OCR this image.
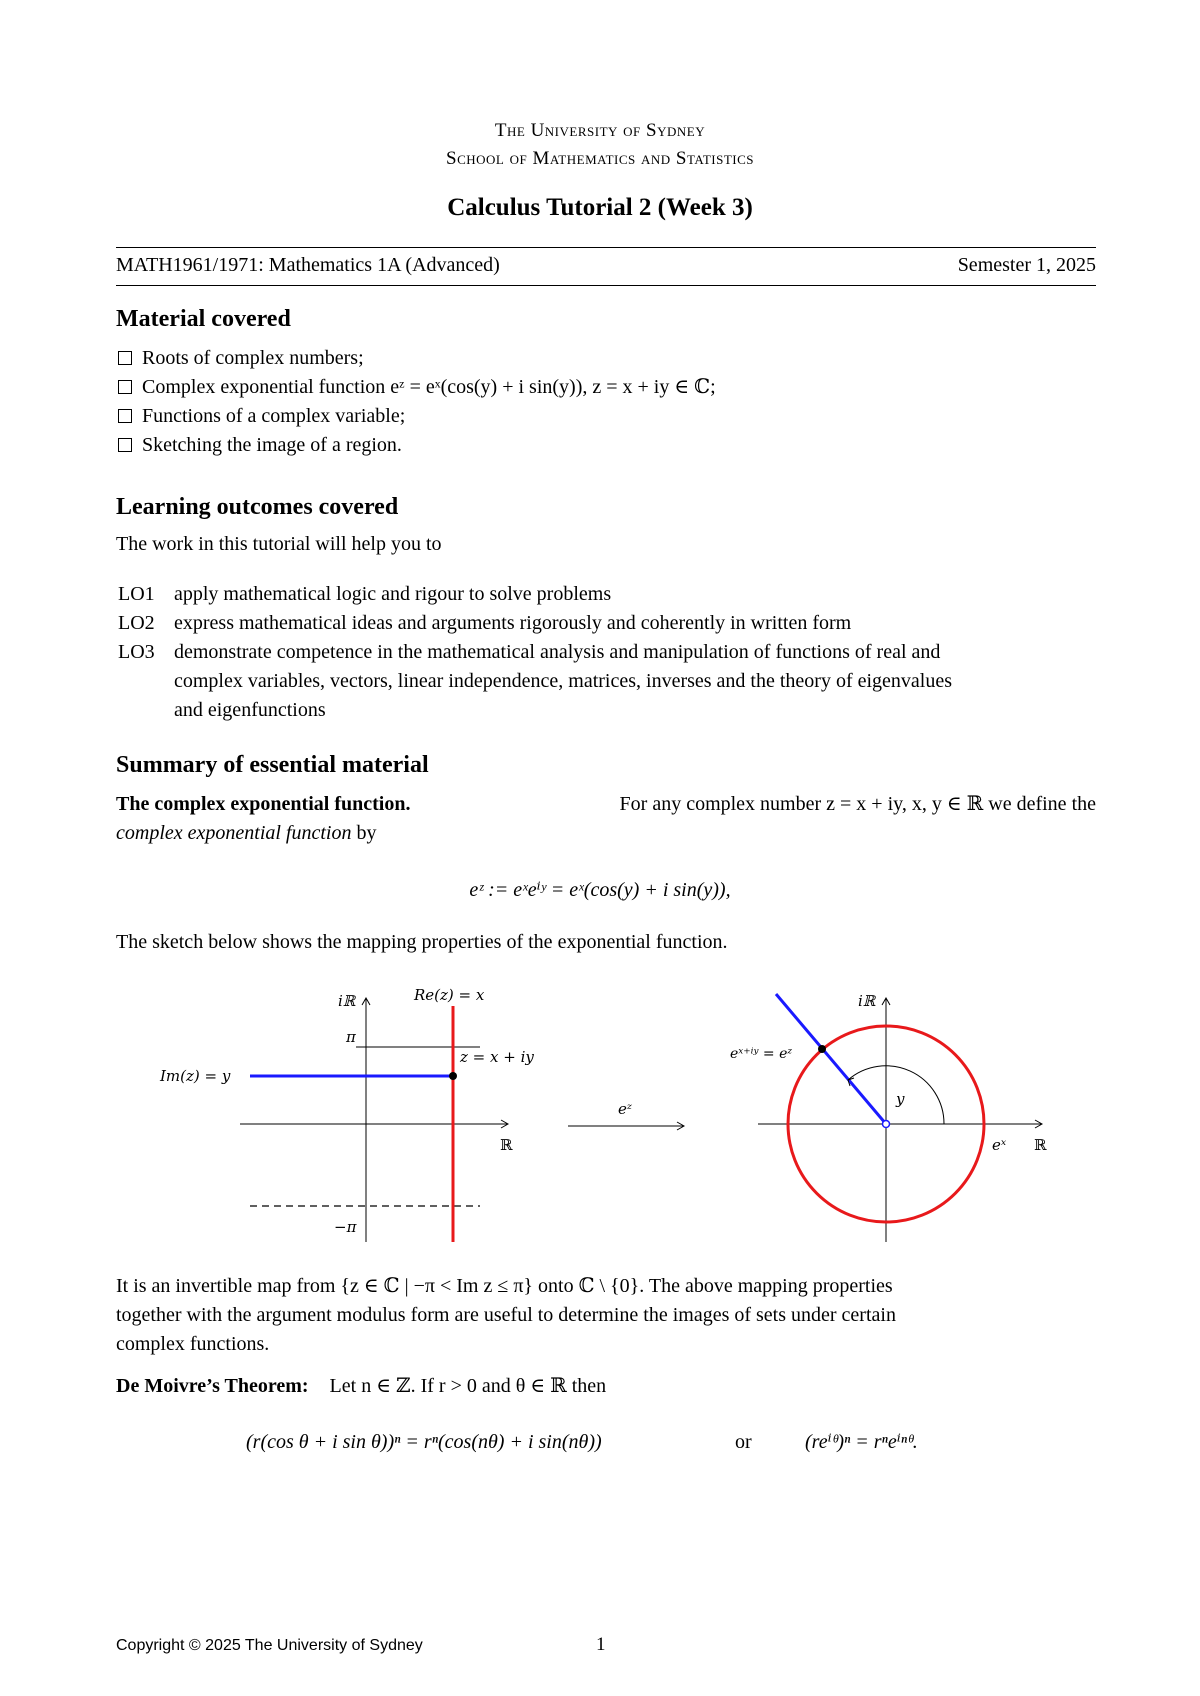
The University of Sydney
School of Mathematics and Statistics
Calculus Tutorial 2 (Week 3)
MATH1961/1971: Mathematics 1A (Advanced)	Semester 1, 2025
Material covered
Roots of complex numbers;
Complex exponential function eᶻ = eˣ(cos(y) + i sin(y)), z = x + iy ∈ ℂ;
Functions of a complex variable;
Sketching the image of a region.
Learning outcomes covered
The work in this tutorial will help you to
LO1 apply mathematical logic and rigour to solve problems
LO2 express mathematical ideas and arguments rigorously and coherently in written form
LO3 demonstrate competence in the mathematical analysis and manipulation of functions of real and
complex variables, vectors, linear independence, matrices, inverses and the theory of eigenvalues
and eigenfunctions
Summary of essential material
The complex exponential function.	For any complex number z = x + iy, x, y ∈ ℝ we define the
complex exponential function by
eᶻ := eˣeⁱʸ = eˣ(cos(y) + i sin(y)),
The sketch below shows the mapping properties of the exponential function.
iℝ
ℝ
π
−π
Re(z) = x
Im(z) = y
z = x + iy
eᶻ
iℝ
ℝ
eˣ⁺ⁱʸ = eᶻ
y
eˣ
It is an invertible map from {z ∈ ℂ | −π < Im z ≤ π} onto ℂ \ {0}. The above mapping properties
together with the argument modulus form are useful to determine the images of sets under certain
complex functions.
De Moivre’s Theorem: Let n ∈ ℤ. If r > 0 and θ ∈ ℝ then
(r(cos θ + i sin θ))ⁿ = rⁿ(cos(nθ) + i sin(nθ))	or	(reⁱᶿ)ⁿ = rⁿeⁱⁿᶿ.
Copyright © 2025 The University of Sydney	1
